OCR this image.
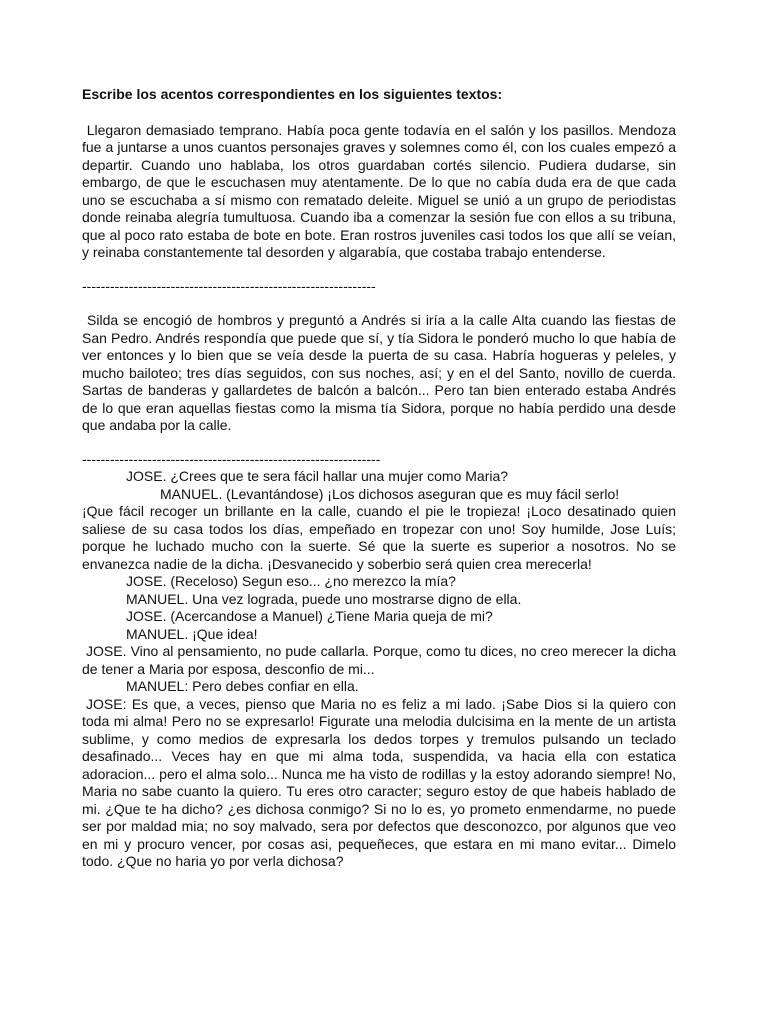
Escribe los acentos correspondientes en los siguientes textos:

Llegaron demasiado temprano. Había poca gente todavía en el salón y los pasillos. Mendoza fue a juntarse a unos cuantos personajes graves y solemnes como él, con los cuales empezó a departir. Cuando uno hablaba, los otros guardaban cortés silencio. Pudiera dudarse, sin embargo, de que le escuchasen muy atentamente. De lo que no cabía duda era de que cada uno se escuchaba a sí mismo con rematado deleite. Miguel se unió a un grupo de periodistas donde reinaba alegría tumultuosa. Cuando iba a comenzar la sesión fue con ellos a su tribuna, que al poco rato estaba de bote en bote. Eran rostros juveniles casi todos los que allí se veían, y reinaba constantemente tal desorden y algarabía, que costaba trabajo entenderse.

---------------------------------------------------------------

Silda se encogió de hombros y preguntó a Andrés si iría a la calle Alta cuando las fiestas de San Pedro. Andrés respondía que puede que sí, y tía Sidora le ponderó mucho lo que había de ver entonces y lo bien que se veía desde la puerta de su casa. Habría hogueras y peleles, y mucho bailoteo; tres días seguidos, con sus noches, así; y en el del Santo, novillo de cuerda. Sartas de banderas y gallardetes de balcón a balcón... Pero tan bien enterado estaba Andrés de lo que eran aquellas fiestas como la misma tía Sidora, porque no había perdido una desde que andaba por la calle.

----------------------------------------------------------------

JOSE. ¿Crees que te sera fácil hallar una mujer como Maria?

MANUEL. (Levantándose) ¡Los dichosos aseguran que es muy fácil serlo!

¡Que fácil recoger un brillante en la calle, cuando el pie le tropieza! ¡Loco desatinado quien saliese de su casa todos los días, empeñado en tropezar con uno! Soy humilde, Jose Luís; porque he luchado mucho con la suerte. Sé que la suerte es superior a nosotros. No se envanezca nadie de la dicha. ¡Desvanecido y soberbio será quien crea merecerla!

JOSE. (Receloso) Segun eso... ¿no merezco la mía?

MANUEL. Una vez lograda, puede uno mostrarse digno de ella.

JOSE. (Acercandose a Manuel) ¿Tiene Maria queja de mi?

MANUEL. ¡Que idea!

JOSE. Vino al pensamiento, no pude callarla. Porque, como tu dices, no creo merecer la dicha de tener a Maria por esposa, desconfio de mi...

MANUEL: Pero debes confiar en ella.

JOSE: Es que, a veces, pienso que Maria no es feliz a mi lado. ¡Sabe Dios si la quiero con toda mi alma! Pero no se expresarlo! Figurate una melodia dulcisima en la mente de un artista sublime, y como medios de expresarla los dedos torpes y tremulos pulsando un teclado desafinado... Veces hay en que mi alma toda, suspendida, va hacia ella con estatica adoracion... pero el alma solo... Nunca me ha visto de rodillas y la estoy adorando siempre! No, Maria no sabe cuanto la quiero. Tu eres otro caracter; seguro estoy de que habeis hablado de mi. ¿Que te ha dicho? ¿es dichosa conmigo? Si no lo es, yo prometo enmendarme, no puede ser por maldad mia; no soy malvado, sera por defectos que desconozco, por algunos que veo en mi y procuro vencer, por cosas asi, pequeñeces, que estara en mi mano evitar... Dimelo todo. ¿Que no haria yo por verla dichosa?
